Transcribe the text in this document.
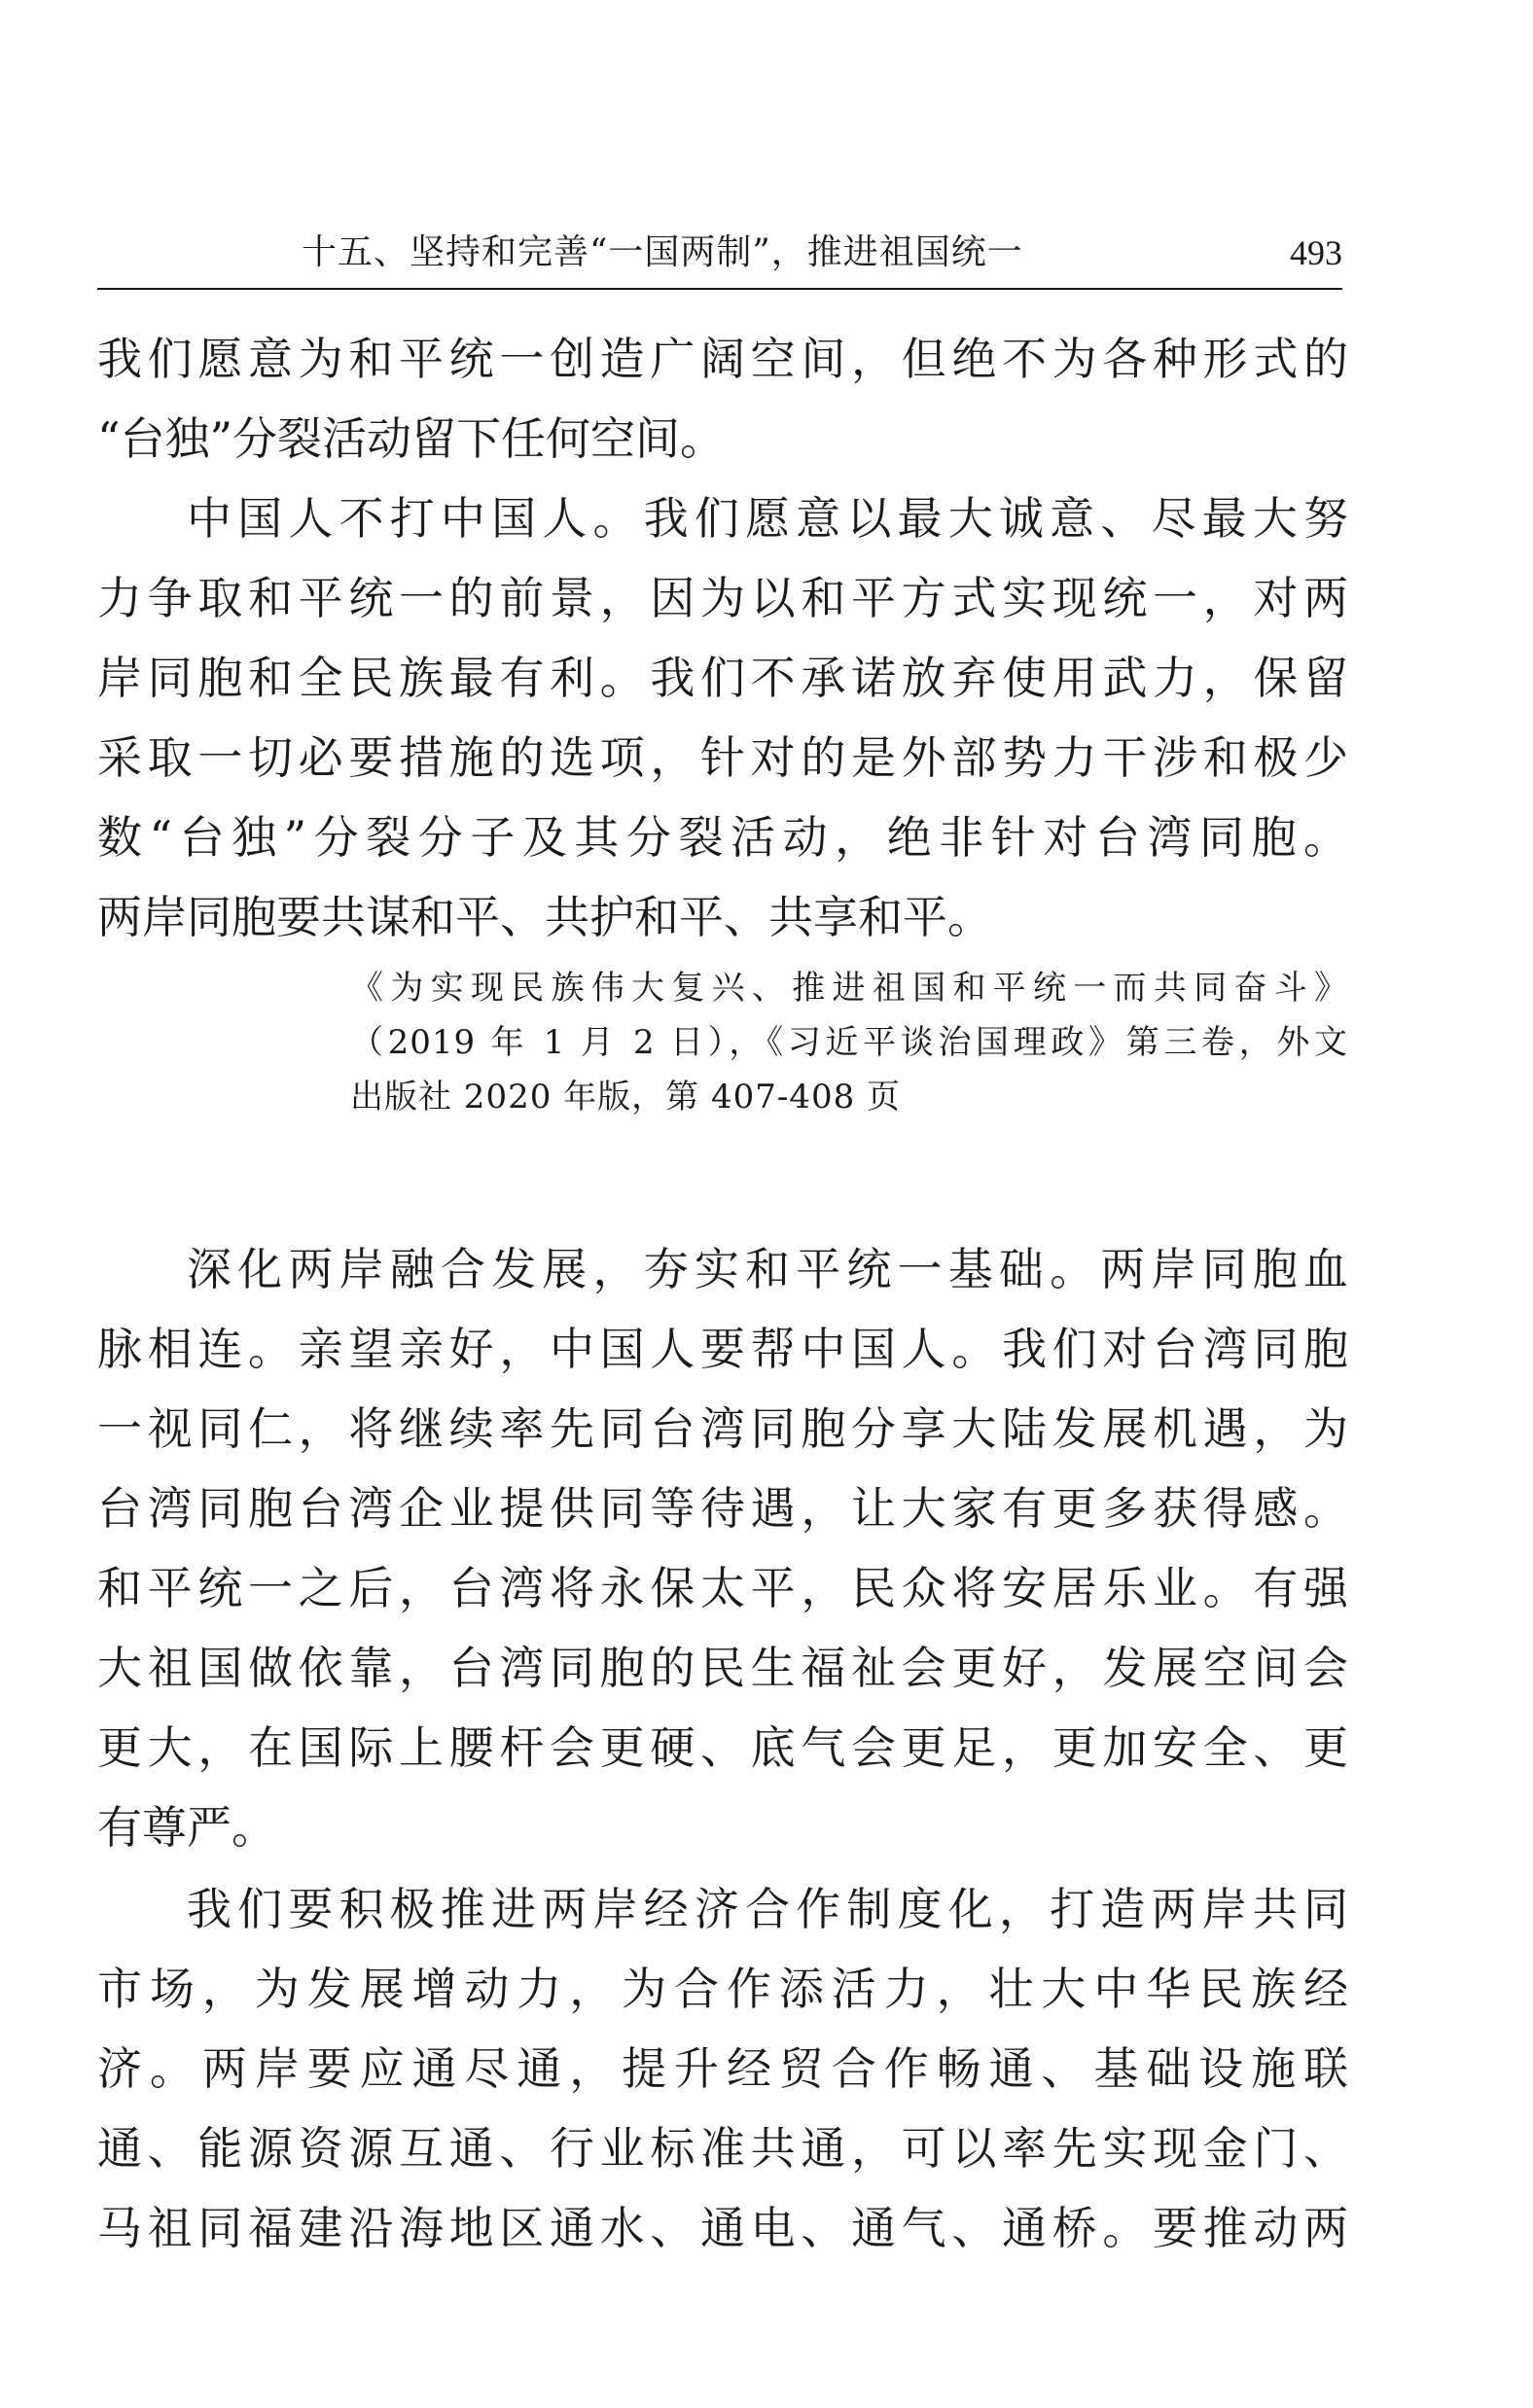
十五、坚持和完善“一国两制”，推进祖国统一	493
我们愿意为和平统一创造广阔空间，但绝不为各种形式的
“台独”分裂活动留下任何空间。
中国人不打中国人。我们愿意以最大诚意、尽最大努
力争取和平统一的前景，因为以和平方式实现统一，对两
岸同胞和全民族最有利。我们不承诺放弃使用武力，保留
采取一切必要措施的选项，针对的是外部势力干涉和极少
数“台独”分裂分子及其分裂活动，绝非针对台湾同胞。
两岸同胞要共谋和平、共护和平、共享和平。
《为实现民族伟大复兴、推进祖国和平统一而共同奋斗》
（2019 年 1 月 2 日），《习近平谈治国理政》第三卷，外文
出版社 2020 年版，第 407-408 页
深化两岸融合发展，夯实和平统一基础。两岸同胞血
脉相连。亲望亲好，中国人要帮中国人。我们对台湾同胞
一视同仁，将继续率先同台湾同胞分享大陆发展机遇，为
台湾同胞台湾企业提供同等待遇，让大家有更多获得感。
和平统一之后，台湾将永保太平，民众将安居乐业。有强
大祖国做依靠，台湾同胞的民生福祉会更好，发展空间会
更大，在国际上腰杆会更硬、底气会更足，更加安全、更
有尊严。
我们要积极推进两岸经济合作制度化，打造两岸共同
市场，为发展增动力，为合作添活力，壮大中华民族经
济。两岸要应通尽通，提升经贸合作畅通、基础设施联
通、能源资源互通、行业标准共通，可以率先实现金门、
马祖同福建沿海地区通水、通电、通气、通桥。要推动两
